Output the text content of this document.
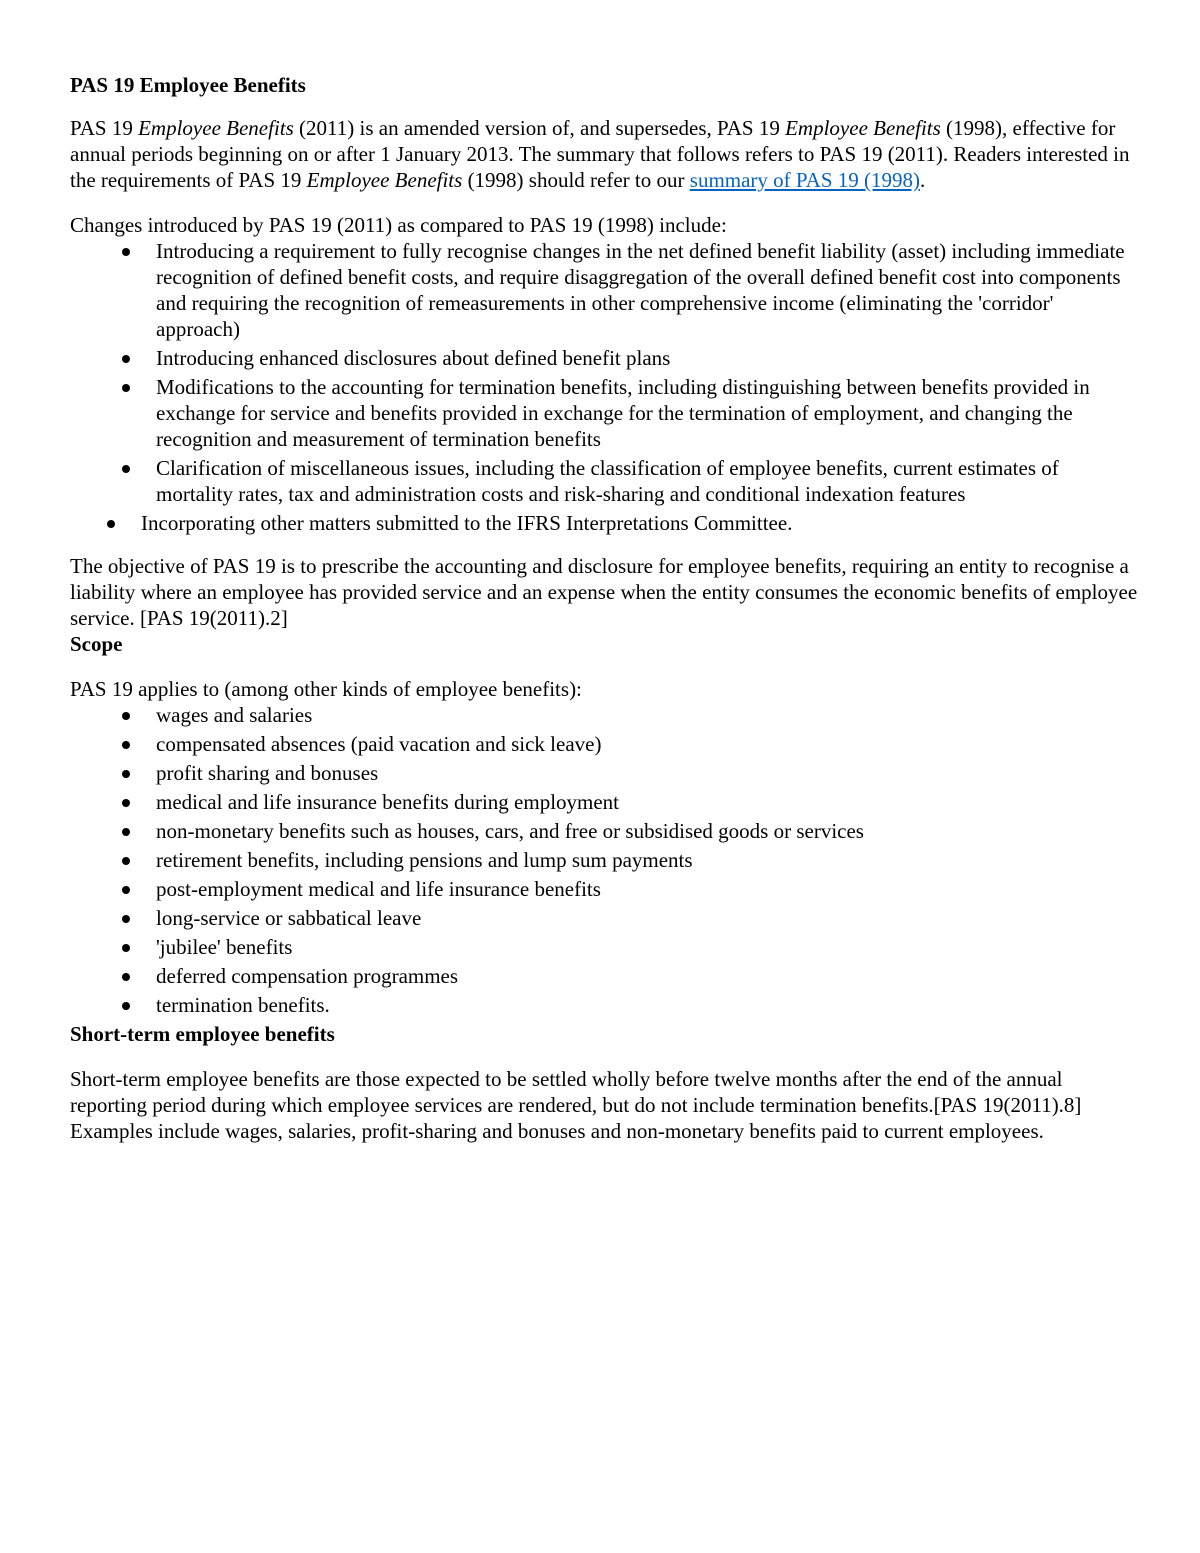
PAS 19 Employee Benefits

PAS 19 Employee Benefits (2011) is an amended version of, and supersedes, PAS 19 Employee Benefits (1998), effective for annual periods beginning on or after 1 January 2013. The summary that follows refers to PAS 19 (2011). Readers interested in the requirements of PAS 19 Employee Benefits (1998) should refer to our summary of PAS 19 (1998).

Changes introduced by PAS 19 (2011) as compared to PAS 19 (1998) include:

Introducing a requirement to fully recognise changes in the net defined benefit liability (asset) including immediate recognition of defined benefit costs, and require disaggregation of the overall defined benefit cost into components and requiring the recognition of remeasurements in other comprehensive income (eliminating the 'corridor' approach)
Introducing enhanced disclosures about defined benefit plans
Modifications to the accounting for termination benefits, including distinguishing between benefits provided in exchange for service and benefits provided in exchange for the termination of employment, and changing the recognition and measurement of termination benefits
Clarification of miscellaneous issues, including the classification of employee benefits, current estimates of mortality rates, tax and administration costs and risk-sharing and conditional indexation features
Incorporating other matters submitted to the IFRS Interpretations Committee.

The objective of PAS 19 is to prescribe the accounting and disclosure for employee benefits, requiring an entity to recognise a liability where an employee has provided service and an expense when the entity consumes the economic benefits of employee service. [PAS 19(2011).2]

Scope

PAS 19 applies to (among other kinds of employee benefits):

wages and salaries
compensated absences (paid vacation and sick leave)
profit sharing and bonuses
medical and life insurance benefits during employment
non-monetary benefits such as houses, cars, and free or subsidised goods or services
retirement benefits, including pensions and lump sum payments
post-employment medical and life insurance benefits
long-service or sabbatical leave
'jubilee' benefits
deferred compensation programmes
termination benefits.
Short-term employee benefits

Short-term employee benefits are those expected to be settled wholly before twelve months after the end of the annual reporting period during which employee services are rendered, but do not include termination benefits.[PAS 19(2011).8] Examples include wages, salaries, profit-sharing and bonuses and non-monetary benefits paid to current employees.
